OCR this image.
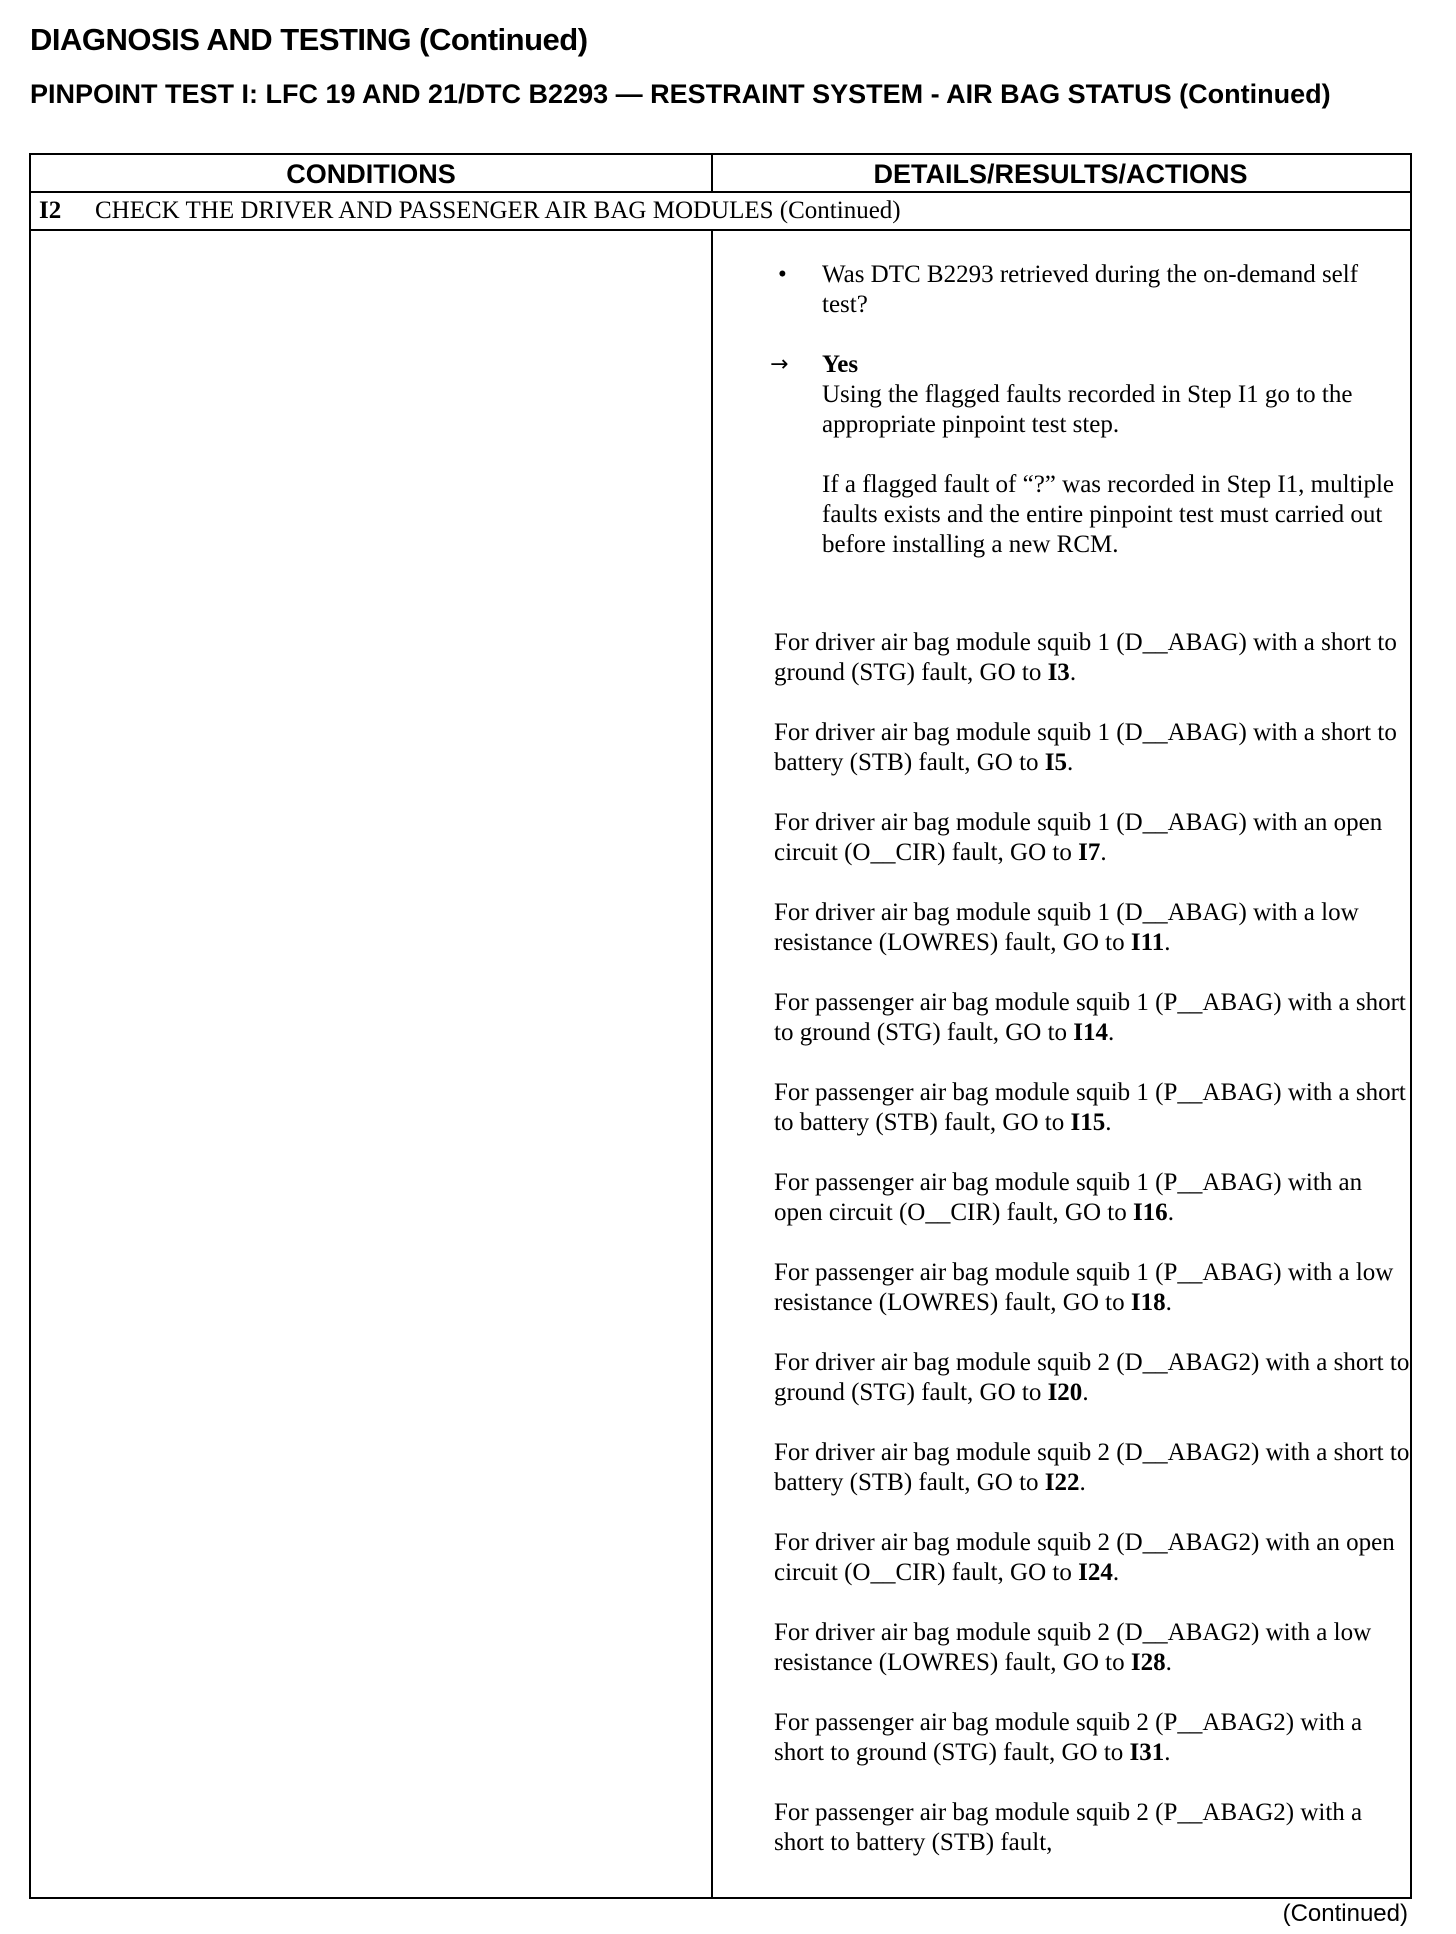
DIAGNOSIS AND TESTING (Continued)
PINPOINT TEST I: LFC 19 AND 21/DTC B2293 — RESTRAINT SYSTEM - AIR BAG STATUS (Continued)
CONDITIONS	DETAILS/RESULTS/ACTIONS
I2 CHECK THE DRIVER AND PASSENGER AIR BAG MODULES (Continued)

• Was DTC B2293 retrieved during the on-demand self test?

→ Yes

Using the flagged faults recorded in Step I1 go to the appropriate pinpoint test step.

If a flagged fault of “?” was recorded in Step I1, multiple faults exists and the entire pinpoint test must carried out before installing a new RCM.

For driver air bag module squib 1 (D__ABAG) with a short to ground (STG) fault, GO to I3.

For driver air bag module squib 1 (D__ABAG) with a short to battery (STB) fault, GO to I5.

For driver air bag module squib 1 (D__ABAG) with an open circuit (O__CIR) fault, GO to I7.

For driver air bag module squib 1 (D__ABAG) with a low resistance (LOWRES) fault, GO to I11.

For passenger air bag module squib 1 (P__ABAG) with a short to ground (STG) fault, GO to I14.

For passenger air bag module squib 1 (P__ABAG) with a short to battery (STB) fault, GO to I15.

For passenger air bag module squib 1 (P__ABAG) with an open circuit (O__CIR) fault, GO to I16.

For passenger air bag module squib 1 (P__ABAG) with a low resistance (LOWRES) fault, GO to I18.

For driver air bag module squib 2 (D__ABAG2) with a short to ground (STG) fault, GO to I20.

For driver air bag module squib 2 (D__ABAG2) with a short to battery (STB) fault, GO to I22.

For driver air bag module squib 2 (D__ABAG2) with an open circuit (O__CIR) fault, GO to I24.

For driver air bag module squib 2 (D__ABAG2) with a low resistance (LOWRES) fault, GO to I28.

For passenger air bag module squib 2 (P__ABAG2) with a short to ground (STG) fault, GO to I31.

For passenger air bag module squib 2 (P__ABAG2) with a short to battery (STB) fault,

(Continued)
